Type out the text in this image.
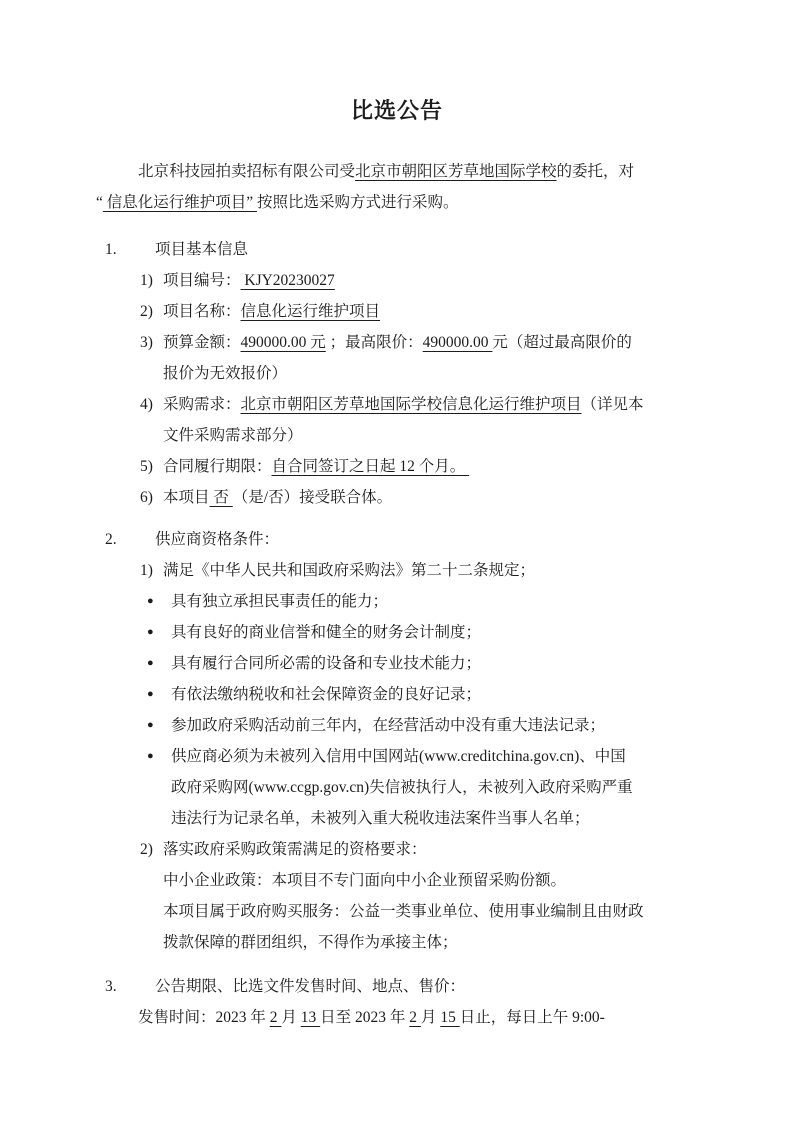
比选公告
北京科技园拍卖招标有限公司受北京市朝阳区芳草地国际学校的委托，对
“ 信息化运行维护项目” 按照比选采购方式进行采购。
1. 项目基本信息
1) 项目编号： KJY20230027
2) 项目名称：信息化运行维护项目
3) 预算金额：490000.00 元 ；最高限价：490000.00 元（超过最高限价的
报价为无效报价）
4) 采购需求：北京市朝阳区芳草地国际学校信息化运行维护项目（详见本
文件采购需求部分）
5) 合同履行期限：自合同签订之日起 12 个月。
6) 本项目 否 （是/否）接受联合体。
2. 供应商资格条件：
1) 满足《中华人民共和国政府采购法》第二十二条规定；
● 具有独立承担民事责任的能力；
● 具有良好的商业信誉和健全的财务会计制度；
● 具有履行合同所必需的设备和专业技术能力；
● 有依法缴纳税收和社会保障资金的良好记录；
● 参加政府采购活动前三年内，在经营活动中没有重大违法记录；
● 供应商必须为未被列入信用中国网站(www.creditchina.gov.cn)、中国
政府采购网(www.ccgp.gov.cn)失信被执行人，未被列入政府采购严重
违法行为记录名单，未被列入重大税收违法案件当事人名单；
2) 落实政府采购政策需满足的资格要求：
中小企业政策：本项目不专门面向中小企业预留采购份额。
本项目属于政府购买服务：公益一类事业单位、使用事业编制且由财政
拨款保障的群团组织，不得作为承接主体；
3. 公告期限、比选文件发售时间、地点、售价：
发售时间：2023 年 2 月 13 日至 2023 年 2 月 15 日止，每日上午 9:00-
